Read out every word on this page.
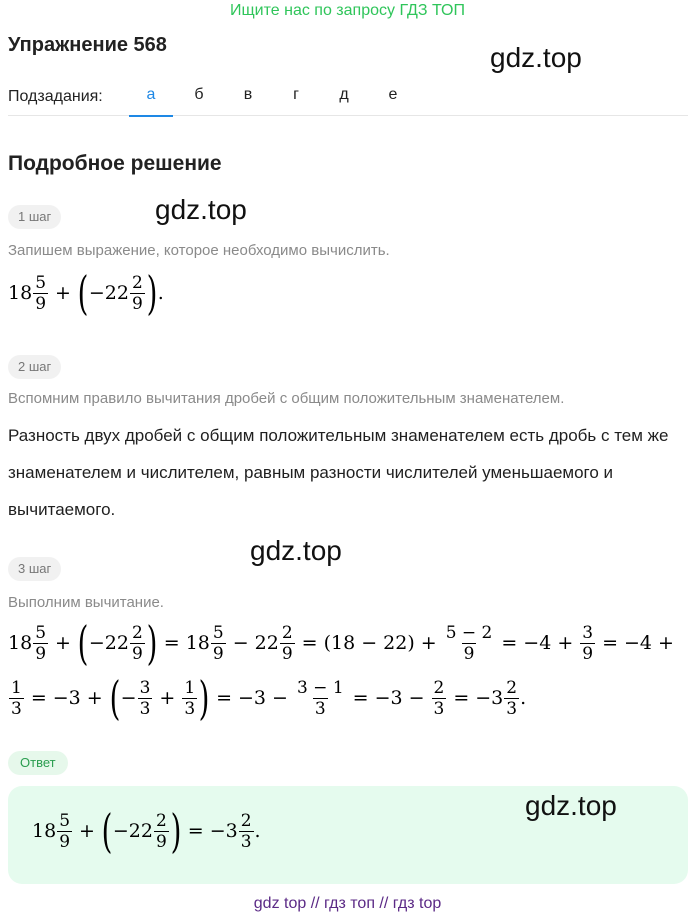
Ищите нас по запросу ГДЗ ТОП
Упражнение 568	gdz.top
Подзадания:	а	б	в	г	д	е
Подробное решение
1 шаг	gdz.top
Запишем выражение, которое необходимо вычислить.
$18 \frac{5}{9}$ + ( $-22 \frac{2}{9}$ ) .
2 шаг
Вспомним правило вычитания дробей с общим положительным знаменателем.
Разность двух дробей с общим положительным знаменателем есть дробь с тем же знаменателем и числителем, равным разности числителей уменьшаемого и вычитаемого.
gdz.top
3 шаг
Выполним вычитание.
$18 \frac{5}{9}$ + ( $-22 \frac{2}{9}$ ) = $18 \frac{5}{9} - 22 \frac{2}{9} = (18 - 22) + \frac{5 - 2}{9} = -4 + \frac{3}{9} = -4$ +
$\frac{1}{3} = -3$ + ( − $\frac{3}{3} + \frac{1}{3}$ ) = $-3 - \frac{3 - 1}{3} = -3 - \frac{2}{3} = -3 \frac{2}{3}$ .
Ответ
gdz.top
$18 \frac{5}{9}$ + ( $-22 \frac{2}{9}$ ) = $-3 \frac{2}{3}$ .
gdz top // гдз топ // гдз top
